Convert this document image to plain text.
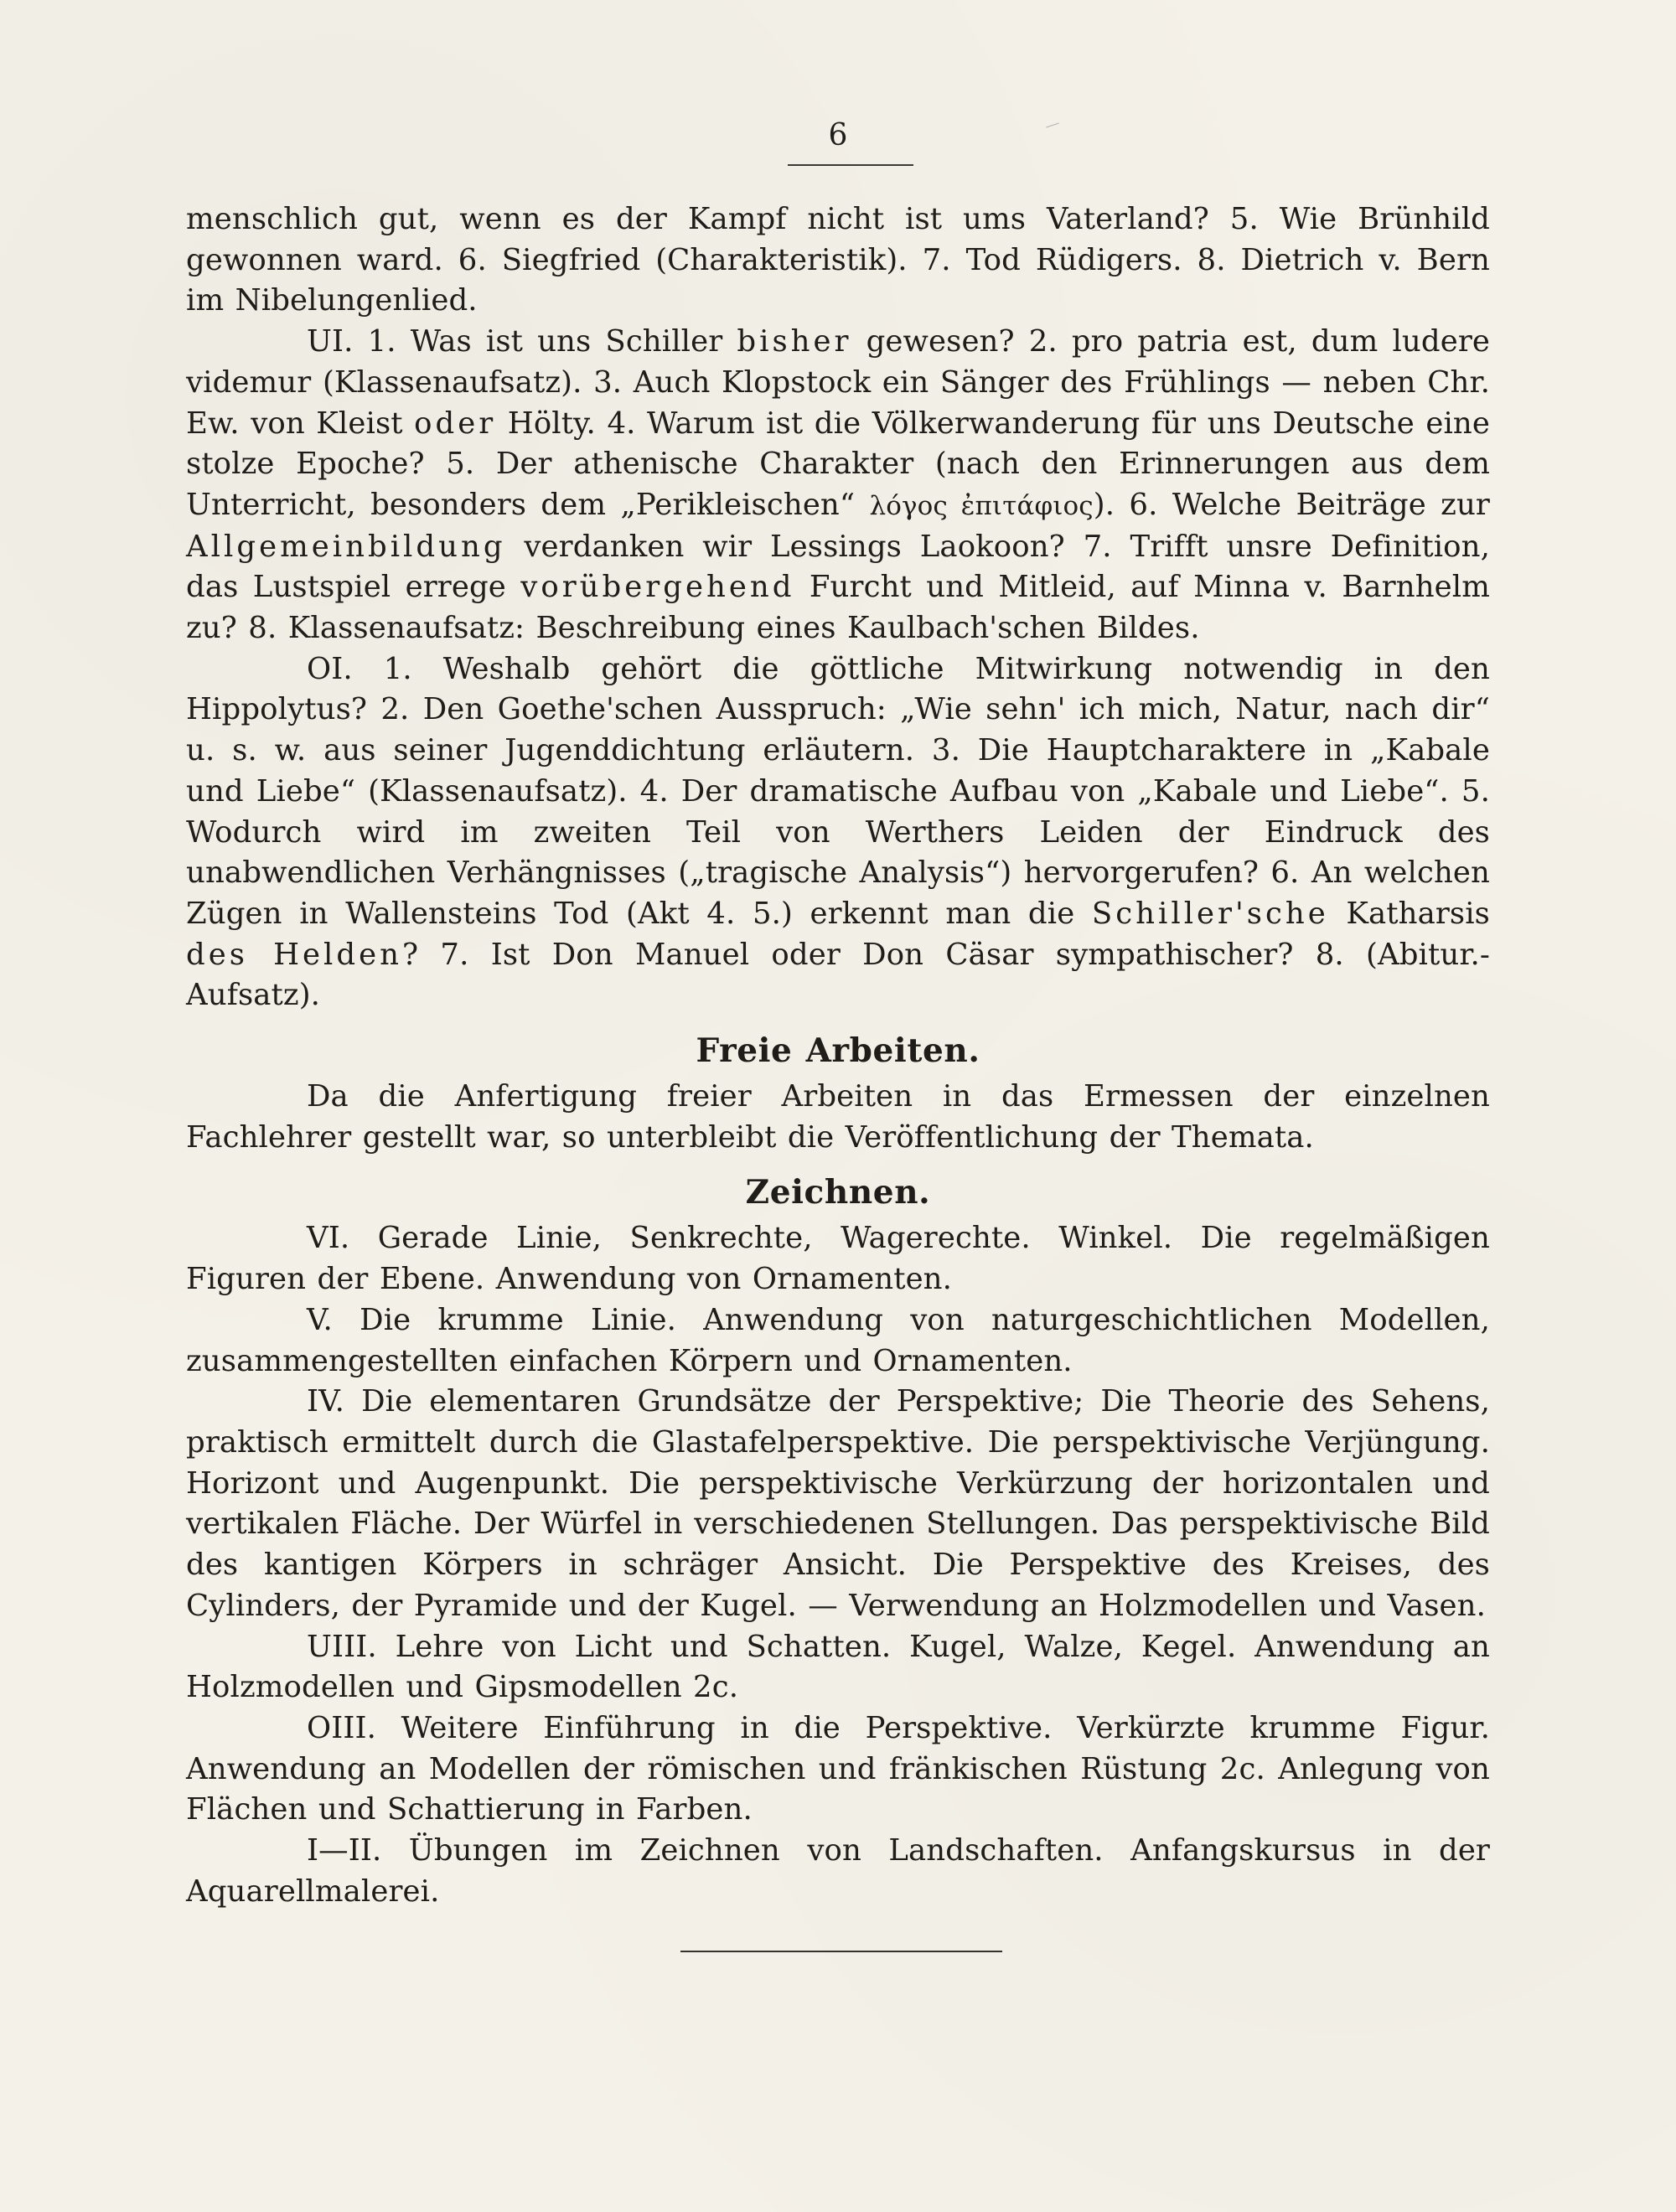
6

menschlich gut, wenn es der Kampf nicht ist ums Vaterland? 5. Wie Brünhild gewonnen ward. 6. Siegfried (Charakteristik). 7. Tod Rüdigers. 8. Dietrich v. Bern im Nibelungenlied.

UI. 1. Was ist uns Schiller bisher gewesen? 2. pro patria est, dum ludere videmur (Klassenaufsatz). 3. Auch Klopstock ein Sänger des Frühlings — neben Chr. Ew. von Kleist oder Hölty. 4. Warum ist die Völkerwanderung für uns Deutsche eine stolze Epoche? 5. Der athenische Charakter (nach den Erinnerungen aus dem Unterricht, besonders dem „Perikleischen“ λόγος ἐπιτάφιος). 6. Welche Beiträge zur Allgemeinbildung verdanken wir Lessings Laokoon? 7. Trifft unsre Definition, das Lustspiel errege vorübergehend Furcht und Mitleid, auf Minna v. Barnhelm zu? 8. Klassenaufsatz: Beschreibung eines Kaulbach'schen Bildes.

OI. 1. Weshalb gehört die göttliche Mitwirkung notwendig in den Hippolytus? 2. Den Goethe'schen Ausspruch: „Wie sehn' ich mich, Natur, nach dir“ u. s. w. aus seiner Jugenddichtung erläutern. 3. Die Hauptcharaktere in „Kabale und Liebe“ (Klassenaufsatz). 4. Der dramatische Aufbau von „Kabale und Liebe“. 5. Wodurch wird im zweiten Teil von Werthers Leiden der Eindruck des unabwendlichen Verhängnisses („tragische Analysis“) hervorgerufen? 6. An welchen Zügen in Wallensteins Tod (Akt 4. 5.) erkennt man die Schiller'sche Katharsis des Helden? 7. Ist Don Manuel oder Don Cäsar sympathischer? 8. (Abitur.-Aufsatz).

Freie Arbeiten.

Da die Anfertigung freier Arbeiten in das Ermessen der einzelnen Fachlehrer gestellt war, so unterbleibt die Veröffentlichung der Themata.

Zeichnen.

VI. Gerade Linie, Senkrechte, Wagerechte. Winkel. Die regelmäßigen Figuren der Ebene. Anwendung von Ornamenten.

V. Die krumme Linie. Anwendung von naturgeschichtlichen Modellen, zusammengestellten einfachen Körpern und Ornamenten.

IV. Die elementaren Grundsätze der Perspektive; Die Theorie des Sehens, praktisch ermittelt durch die Glastafelperspektive. Die perspektivische Verjüngung. Horizont und Augenpunkt. Die perspektivische Verkürzung der horizontalen und vertikalen Fläche. Der Würfel in verschiedenen Stellungen. Das perspektivische Bild des kantigen Körpers in schräger Ansicht. Die Perspektive des Kreises, des Cylinders, der Pyramide und der Kugel. — Verwendung an Holzmodellen und Vasen.

UIII. Lehre von Licht und Schatten. Kugel, Walze, Kegel. Anwendung an Holzmodellen und Gipsmodellen 2c.

OIII. Weitere Einführung in die Perspektive. Verkürzte krumme Figur. Anwendung an Modellen der römischen und fränkischen Rüstung 2c. Anlegung von Flächen und Schattierung in Farben.

I—II. Übungen im Zeichnen von Landschaften. Anfangskursus in der Aquarellmalerei.
